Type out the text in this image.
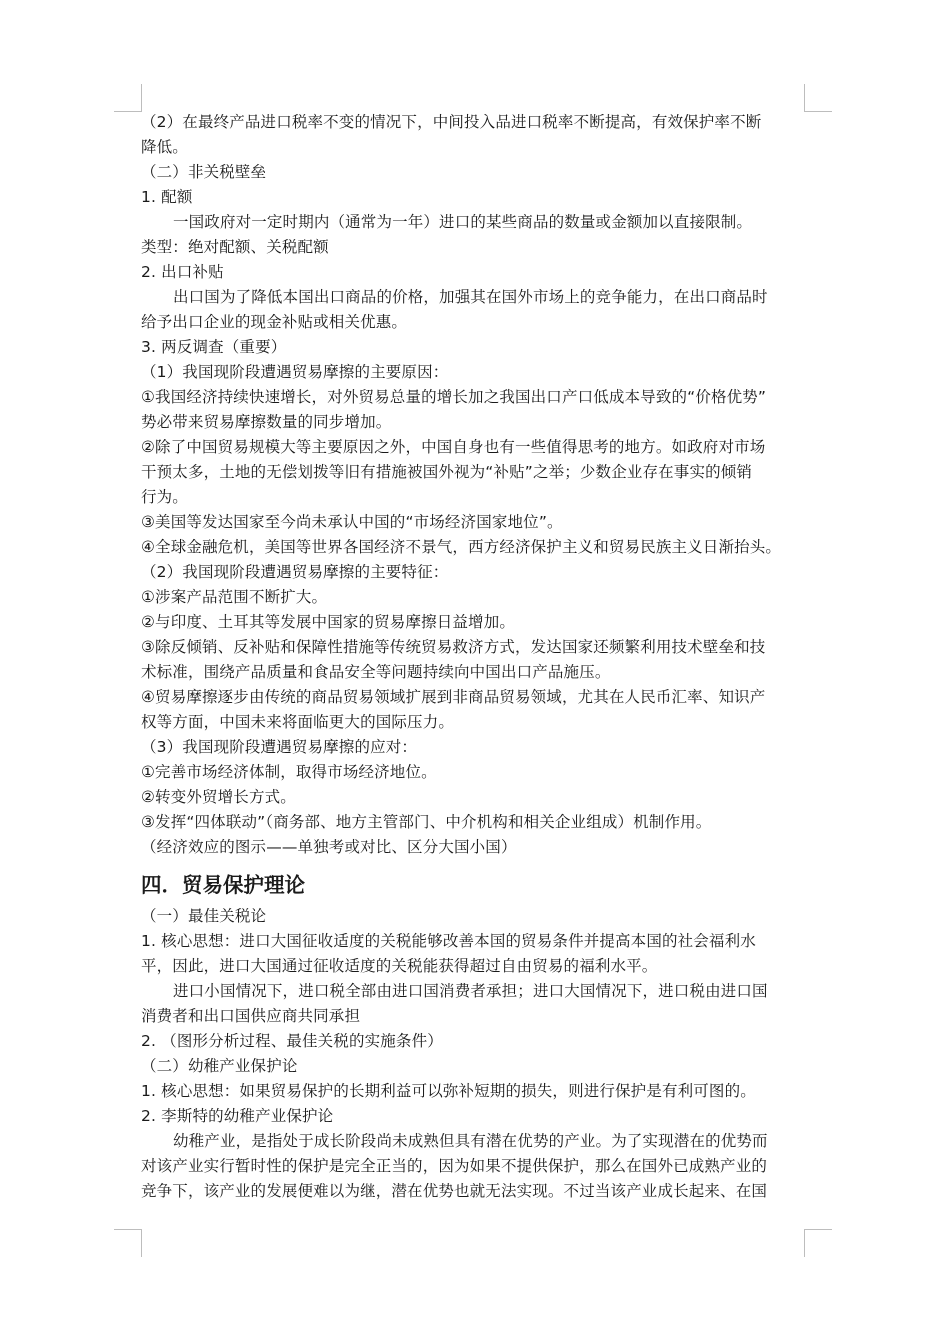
（2）在最终产品进口税率不变的情况下，中间投入品进口税率不断提高，有效保护率不断
降低。
（二）非关税壁垒
1. 配额
一国政府对一定时期内（通常为一年）进口的某些商品的数量或金额加以直接限制。
类型：绝对配额、关税配额
2. 出口补贴
出口国为了降低本国出口商品的价格，加强其在国外市场上的竞争能力，在出口商品时
给予出口企业的现金补贴或相关优惠。
3. 两反调查（重要）
（1）我国现阶段遭遇贸易摩擦的主要原因：
①我国经济持续快速增长，对外贸易总量的增长加之我国出口产口低成本导致的“价格优势”
势必带来贸易摩擦数量的同步增加。
②除了中国贸易规模大等主要原因之外，中国自身也有一些值得思考的地方。如政府对市场
干预太多，土地的无偿划拨等旧有措施被国外视为“补贴”之举；少数企业存在事实的倾销
行为。
③美国等发达国家至今尚未承认中国的“市场经济国家地位”。
④全球金融危机，美国等世界各国经济不景气，西方经济保护主义和贸易民族主义日渐抬头。
（2）我国现阶段遭遇贸易摩擦的主要特征：
①涉案产品范围不断扩大。
②与印度、土耳其等发展中国家的贸易摩擦日益增加。
③除反倾销、反补贴和保障性措施等传统贸易救济方式，发达国家还频繁利用技术壁垒和技
术标准，围绕产品质量和食品安全等问题持续向中国出口产品施压。
④贸易摩擦逐步由传统的商品贸易领域扩展到非商品贸易领域，尤其在人民币汇率、知识产
权等方面，中国未来将面临更大的国际压力。
（3）我国现阶段遭遇贸易摩擦的应对：
①完善市场经济体制，取得市场经济地位。
②转变外贸增长方式。
③发挥“四体联动”（商务部、地方主管部门、中介机构和相关企业组成）机制作用。
（经济效应的图示——单独考或对比、区分大国小国）
四．贸易保护理论
（一）最佳关税论
1. 核心思想：进口大国征收适度的关税能够改善本国的贸易条件并提高本国的社会福利水
平，因此，进口大国通过征收适度的关税能获得超过自由贸易的福利水平。
进口小国情况下，进口税全部由进口国消费者承担；进口大国情况下，进口税由进口国
消费者和出口国供应商共同承担
2. （图形分析过程、最佳关税的实施条件）
（二）幼稚产业保护论
1. 核心思想：如果贸易保护的长期利益可以弥补短期的损失，则进行保护是有利可图的。
2. 李斯特的幼稚产业保护论
幼稚产业，是指处于成长阶段尚未成熟但具有潜在优势的产业。为了实现潜在的优势而
对该产业实行暂时性的保护是完全正当的，因为如果不提供保护，那么在国外已成熟产业的
竞争下，该产业的发展便难以为继，潜在优势也就无法实现。不过当该产业成长起来、在国
